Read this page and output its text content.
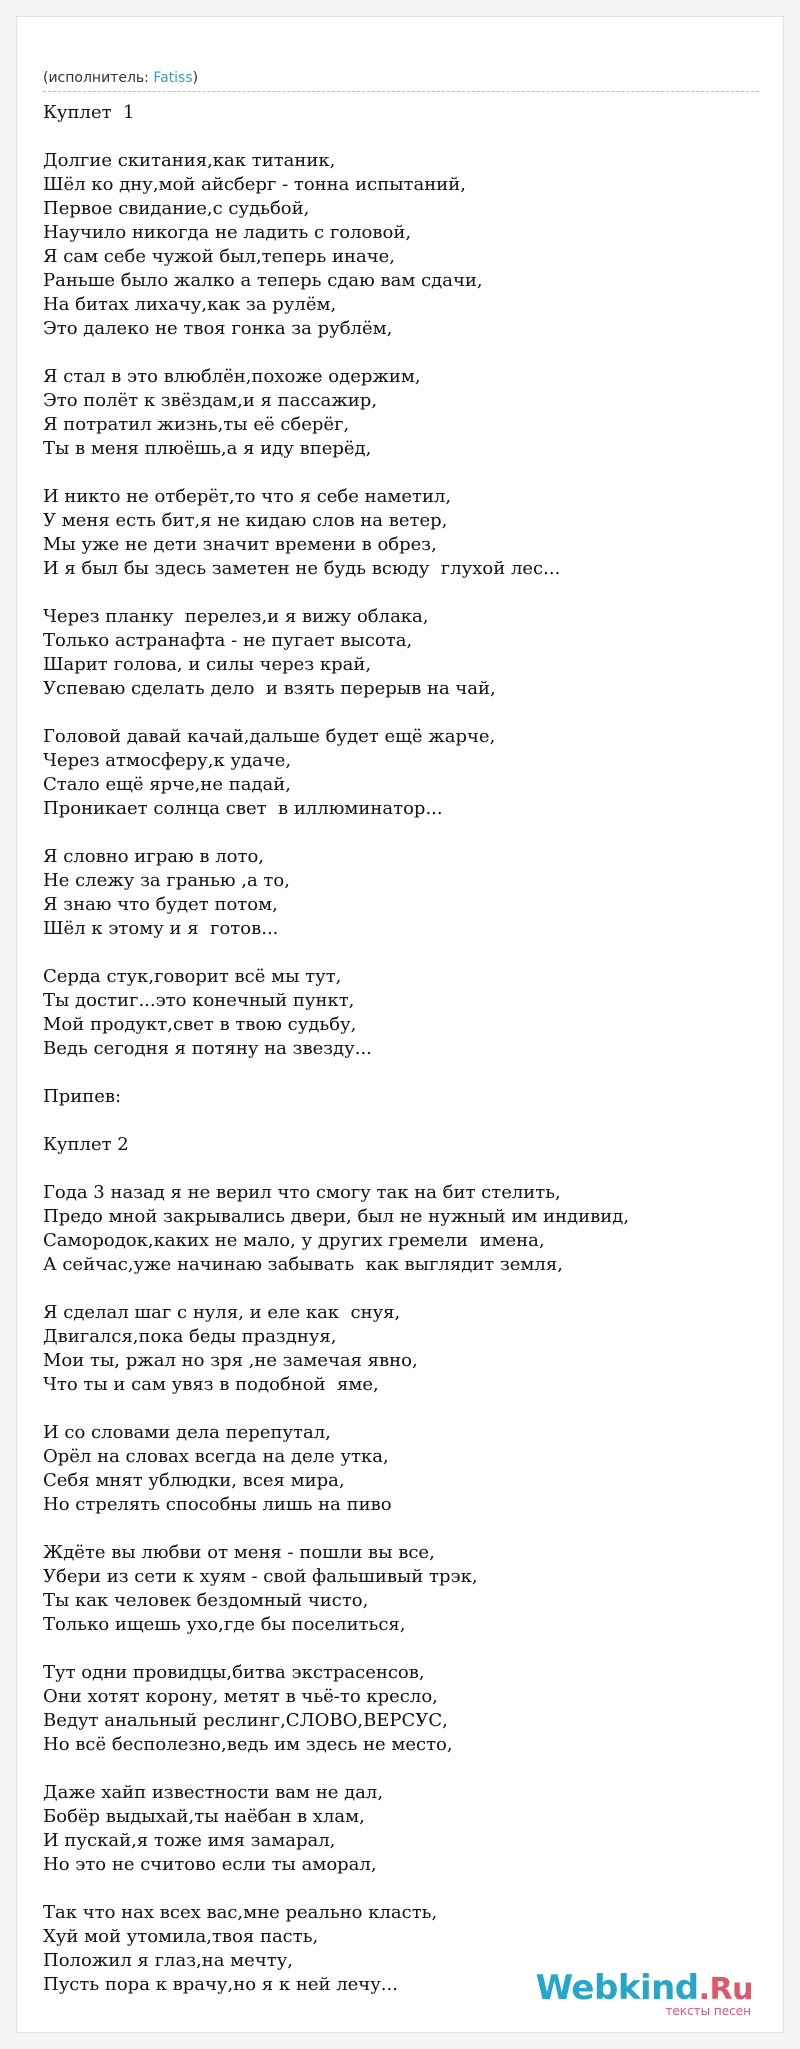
(исполнитель: Fatiss)
Куплет  1
Долгие скитания,как титаник,
Шёл ко дну,мой айсберг - тонна испытаний,
Первое свидание,с судьбой,
Научило никогда не ладить с головой,
Я сам себе чужой был,теперь иначе,
Раньше было жалко а теперь сдаю вам сдачи,
На битах лихачу,как за рулём,
Это далеко не твоя гонка за рублём,
Я стал в это влюблён,похоже одержим,
Это полёт к звёздам,и я пассажир,
Я потратил жизнь,ты её сберёг,
Ты в меня плюёшь,а я иду вперёд,
И никто не отберёт,то что я себе наметил,
У меня есть бит,я не кидаю слов на ветер,
Мы уже не дети значит времени в обрез,
И я был бы здесь заметен не будь всюду  глухой лес...
Через планку  перелез,и я вижу облака,
Только астранафта - не пугает высота,
Шарит голова, и силы через край,
Успеваю сделать дело  и взять перерыв на чай,
Головой давай качай,дальше будет ещё жарче,
Через атмосферу,к удаче,
Стало ещё ярче,не падай,
Проникает солнца свет  в иллюминатор...
Я словно играю в лото,
Не слежу за гранью ,а то,
Я знаю что будет потом,
Шёл к этому и я  готов...
Серда стук,говорит всё мы тут,
Ты достиг...это конечный пункт,
Мой продукт,свет в твою судьбу,
Ведь сегодня я потяну на звезду...
Припев:
Куплет 2
Года 3 назад я не верил что смогу так на бит стелить,
Предо мной закрывались двери, был не нужный им индивид,
Самородок,каких не мало, у других гремели  имена,
А сейчас,уже начинаю забывать  как выглядит земля,
Я сделал шаг с нуля, и еле как  снуя,
Двигался,пока беды празднуя,
Мои ты, ржал но зря ,не замечая явно,
Что ты и сам увяз в подобной  яме,
И со словами дела перепутал,
Орёл на словах всегда на деле утка,
Себя мнят ублюдки, всея мира,
Но стрелять способны лишь на пиво
Ждёте вы любви от меня - пошли вы все,
Убери из сети к хуям - свой фальшивый трэк,
Ты как человек бездомный чисто,
Только ищешь ухо,где бы поселиться,
Тут одни провидцы,битва экстрасенсов,
Они хотят корону, метят в чьё-то кресло,
Ведут анальный реслинг,СЛОВО,ВЕРСУС,
Но всё бесполезно,ведь им здесь не место,
Даже хайп известности вам не дал,
Бобёр выдыхай,ты наёбан в хлам,
И пускай,я тоже имя замарал,
Но это не считово если ты аморал,
Так что нах всех вас,мне реально класть,
Хуй мой утомила,твоя пасть,
Положил я глаз,на мечту,
Пусть пора к врачу,но я к ней лечу...	Webkind.Ru
тексты песен
